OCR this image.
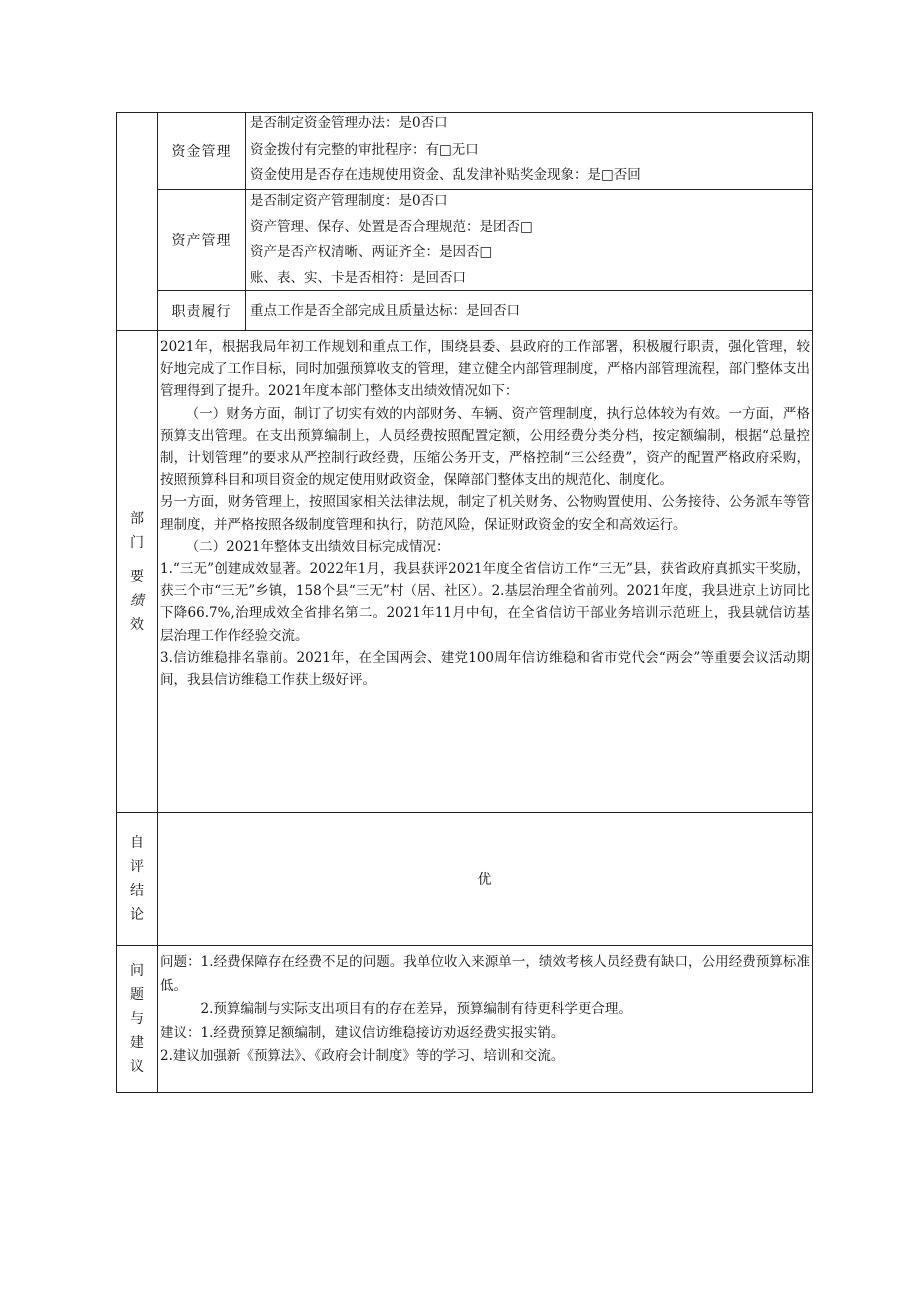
资金管理
是否制定资金管理办法：是0否口
资金拨付有完整的审批程序：有□无口
资金使用是否存在违规使用资金、乱发津补贴奖金现象：是□否回
资产管理
是否制定资产管理制度：是0否口
资产管理、保存、处置是否合理规范：是团否□
资产是否产权清晰、两证齐全：是因否□
账、表、实、卡是否相符：是回否口
职责履行	重点工作是否全部完成且质量达标：是回否口
部
门
要
绩
效

2021年，根据我局年初工作规划和重点工作，围绕县委、县政府的工作部署，积极履行职责，强化管理，较好地完成了工作目标，同时加强预算收支的管理，建立健全内部管理制度，严格内部管理流程，部门整体支出管理得到了提升。2021年度本部门整体支出绩效情况如下：

（一）财务方面，制订了切实有效的内部财务、车辆、资产管理制度，执行总体较为有效。一方面，严格预算支出管理。在支出预算编制上，人员经费按照配置定额，公用经费分类分档，按定额编制，根据“总量控制，计划管理”的要求从严控制行政经费，压缩公务开支，严格控制“三公经费”，资产的配置严格政府采购，按照预算科目和项目资金的规定使用财政资金，保障部门整体支出的规范化、制度化。

另一方面，财务管理上，按照国家相关法律法规，制定了机关财务、公物购置使用、公务接待、公务派车等管理制度，并严格按照各级制度管理和执行，防范风险，保证财政资金的安全和高效运行。

（二）2021年整体支出绩效目标完成情况：

1.“三无”创建成效显著。2022年1月，我县获评2021年度全省信访工作“三无”县，获省政府真抓实干奖励，获三个市“三无”乡镇，158个县“三无”村（居、社区）。2.基层治理全省前列。2021年度，我县进京上访同比下降66.7%,治理成效全省排名第二。2021年11月中旬，在全省信访干部业务培训示范班上，我县就信访基层治理工作作经验交流。

3.信访维稳排名靠前。2021年，在全国两会、建党100周年信访维稳和省市党代会“两会”等重要会议活动期间，我县信访维稳工作获上级好评。

自
评
结
论
优
问
题
与
建
议

问题：1.经费保障存在经费不足的问题。我单位收入来源单一，绩效考核人员经费有缺口，公用经费预算标准低。

2.预算编制与实际支出项目有的存在差异，预算编制有待更科学更合理。

建议：1.经费预算足额编制，建议信访维稳接访劝返经费实报实销。

2.建议加强新《预算法》、《政府会计制度》等的学习、培训和交流。
